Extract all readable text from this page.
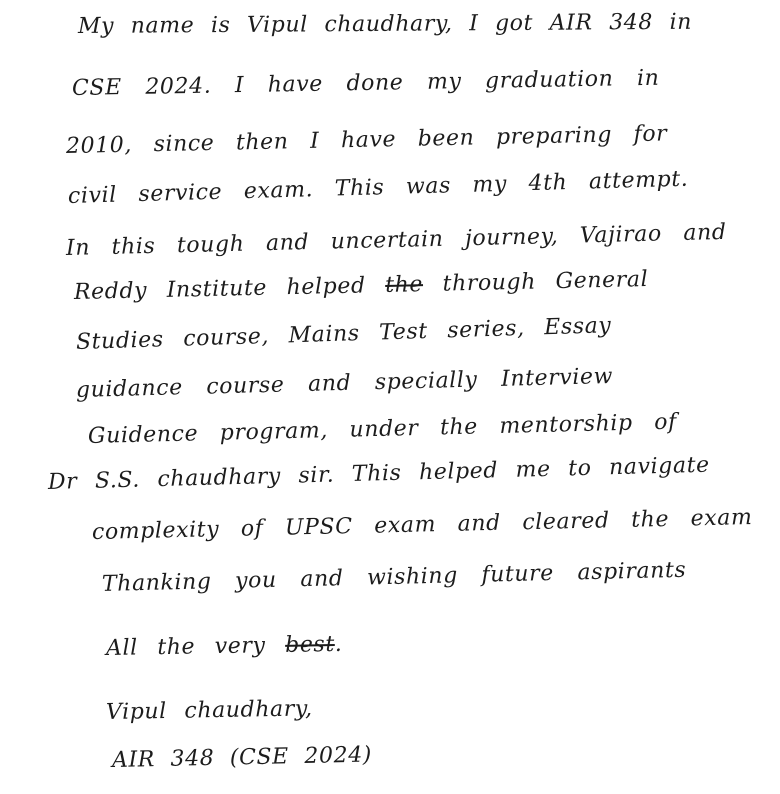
My name is Vipul chaudhary, I got AIR 348 in
CSE 2024. I have done my graduation in
2010, since then I have been preparing for
civil service exam. This was my 4th attempt.
In this tough and uncertain journey, Vajirao and
Reddy Institute helped the through General
Studies course, Mains Test series, Essay
guidance course and specially Interview
Guidence program, under the mentorship of
Dr S.S. chaudhary sir. This helped me to navigate
complexity of UPSC exam and cleared the exam
Thanking you and wishing future aspirants
All the very best.
Vipul chaudhary,
AIR 348 (CSE 2024)
